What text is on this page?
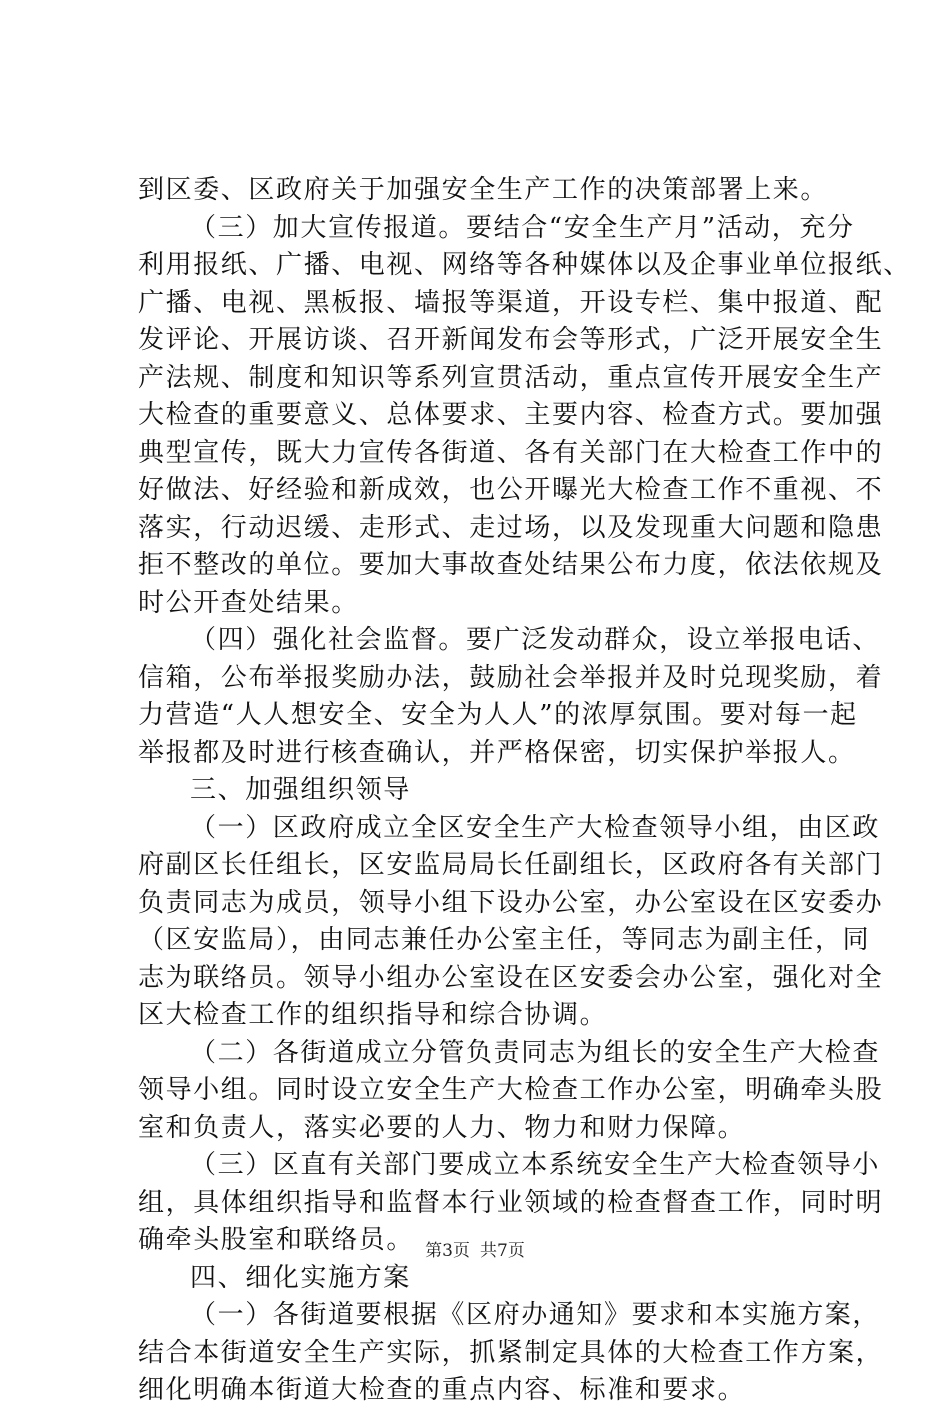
到区委、区政府关于加强安全生产工作的决策部署上来。
（三）加大宣传报道。要结合“安全生产月”活动，充分
利用报纸、广播、电视、网络等各种媒体以及企事业单位报纸、
广播、电视、黑板报、墙报等渠道，开设专栏、集中报道、配
发评论、开展访谈、召开新闻发布会等形式，广泛开展安全生
产法规、制度和知识等系列宣贯活动，重点宣传开展安全生产
大检查的重要意义、总体要求、主要内容、检查方式。要加强
典型宣传，既大力宣传各街道、各有关部门在大检查工作中的
好做法、好经验和新成效，也公开曝光大检查工作不重视、不
落实，行动迟缓、走形式、走过场，以及发现重大问题和隐患
拒不整改的单位。要加大事故查处结果公布力度，依法依规及
时公开查处结果。
（四）强化社会监督。要广泛发动群众，设立举报电话、
信箱，公布举报奖励办法，鼓励社会举报并及时兑现奖励，着
力营造“人人想安全、安全为人人”的浓厚氛围。要对每一起
举报都及时进行核查确认，并严格保密，切实保护举报人。
三、加强组织领导
（一）区政府成立全区安全生产大检查领导小组，由区政
府副区长任组长，区安监局局长任副组长，区政府各有关部门
负责同志为成员，领导小组下设办公室，办公室设在区安委办
（区安监局），由同志兼任办公室主任，等同志为副主任，同
志为联络员。领导小组办公室设在区安委会办公室，强化对全
区大检查工作的组织指导和综合协调。
（二）各街道成立分管负责同志为组长的安全生产大检查
领导小组。同时设立安全生产大检查工作办公室，明确牵头股
室和负责人，落实必要的人力、物力和财力保障。
（三）区直有关部门要成立本系统安全生产大检查领导小
组，具体组织指导和监督本行业领域的检查督查工作，同时明
确牵头股室和联络员。
四、细化实施方案
（一）各街道要根据《区府办通知》要求和本实施方案，
结合本街道安全生产实际，抓紧制定具体的大检查工作方案，
细化明确本街道大检查的重点内容、标准和要求。
第3页 共7页
